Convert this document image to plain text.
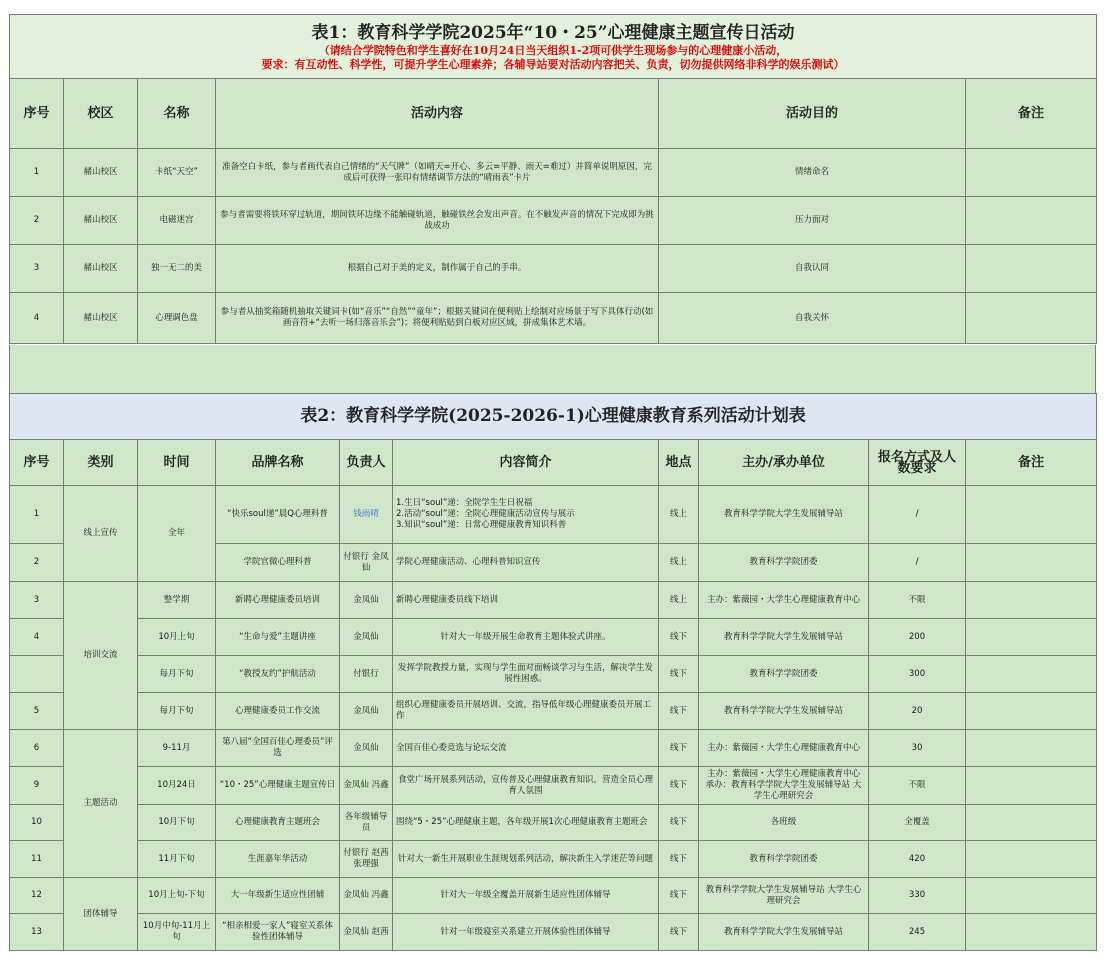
表1：教育科学学院2025年“10・25”心理健康主题宣传日活动
（请结合学院特色和学生喜好在10月24日当天组织1-2项可供学生现场参与的心理健康小活动，
要求：有互动性、科学性，可提升学生心理素养；各辅导站要对活动内容把关、负责，切勿提供网络非科学的娱乐测试）					

序号	校区	名称	活动内容	活动目的	备注
1	赭山校区	卡纸“天空”	准备空白卡纸，参与者画代表自己情绪的“天气牌”（如晴天=开心、多云=平静、雨天=难过）并简单说明原因，完成后可获得一张印有情绪调节方法的“晴雨表”卡片	情绪命名	
2	赭山校区	电磁迷宫	参与者需要将铁环穿过轨道，期间铁环边缘不能触碰轨道，触碰铁丝会发出声音。在不触发声音的情况下完成即为挑战成功	压力面对	
3	赭山校区	独一无二的美	根据自己对于美的定义，制作属于自己的手串。	自我认同	
4	赭山校区	心理调色盘	参与者从抽奖箱随机抽取关键词卡(如“音乐”“自然”“童年”；根据关键词在便利贴上绘制对应场景于写下具体行动(如画音符+“去听一场归落音乐会”)；将便利贴贴到白板对应区域，拼成集体艺术墙。	自我关怀	
表2：教育科学学院(2025-2026-1)心理健康教育系列活动计划表									
序号	类别	时间	品牌名称	负责人	内容简介	地点	主办/承办单位	报名方式及人数要求	备注
1	线上宣传	全年	“快乐soul递”晨Q心理科普	钱雨晴	1.生日“soul”递：全院学生生日祝福
2.活动“soul”递：全院心理健康活动宣传与展示
3.知识“soul”递：日常心理健康教育知识科普	线上	教育科学学院大学生发展辅导站	/	
2			学院官微心理科普	付银行 金凤仙	学院心理健康活动、心理科普知识宣传	线上	教育科学学院团委	/	
3	培训交流	整学期	新聘心理健康委员培训	金凤仙	新聘心理健康委员线下培训	线上	主办：紫薇园・大学生心理健康教育中心	不限	
4		10月上旬	“生命与爱”主题讲座	金凤仙	针对大一年级开展生命教育主题体验式讲座。	线下	教育科学学院大学生发展辅导站	200	
		每月下旬	“教授友约”护航活动	付银行	发挥学院教授力量，实现与学生面对面畅谈学习与生活，解决学生发展性困惑。	线下	教育科学学院团委	300	
5		每月下旬	心理健康委员工作交流	金凤仙	组织心理健康委员开展培训、交流，指导低年级心理健康委员开展工作	线下	教育科学学院大学生发展辅导站	20	
6	主题活动	9-11月	第八届“全国百佳心理委员”评选	金凤仙	全国百佳心委竞选与论坛交流	线下	主办：紫薇园・大学生心理健康教育中心	30	
9		10月24日	“10・25”心理健康主题宣传日	金凤仙 冯鑫	食堂广场开展系列活动，宣传普及心理健康教育知识，营造全员心理育人氛围	线下	主办：紫薇园・大学生心理健康教育中心 承办：教育科学学院大学生发展辅导站 大学生心理研究会	不限	
10		10月下旬	心理健康教育主题班会	各年级辅导员	围绕“5・25”心理健康主题，各年级开展1次心理健康教育主题班会	线下	各班级	全覆盖	
11		11月下旬	生涯嘉年华活动	付银行 赵茜 张理强	针对大一新生开展职业生涯规划系列活动，解决新生入学迷茫等问题	线下	教育科学学院团委	420	
12	团体辅导	10月上旬-下旬	大一年级新生适应性团辅	金凤仙 冯鑫	针对大一年级全覆盖开展新生适应性团体辅导	线下	教育科学学院大学生发展辅导站 大学生心理研究会	330	
13		10月中旬-11月上旬	“相亲相爱一家人”寝室关系体验性团体辅导	金凤仙 赵茜	针对一年级寝室关系建立开展体验性团体辅导	线下	教育科学学院大学生发展辅导站	245	
